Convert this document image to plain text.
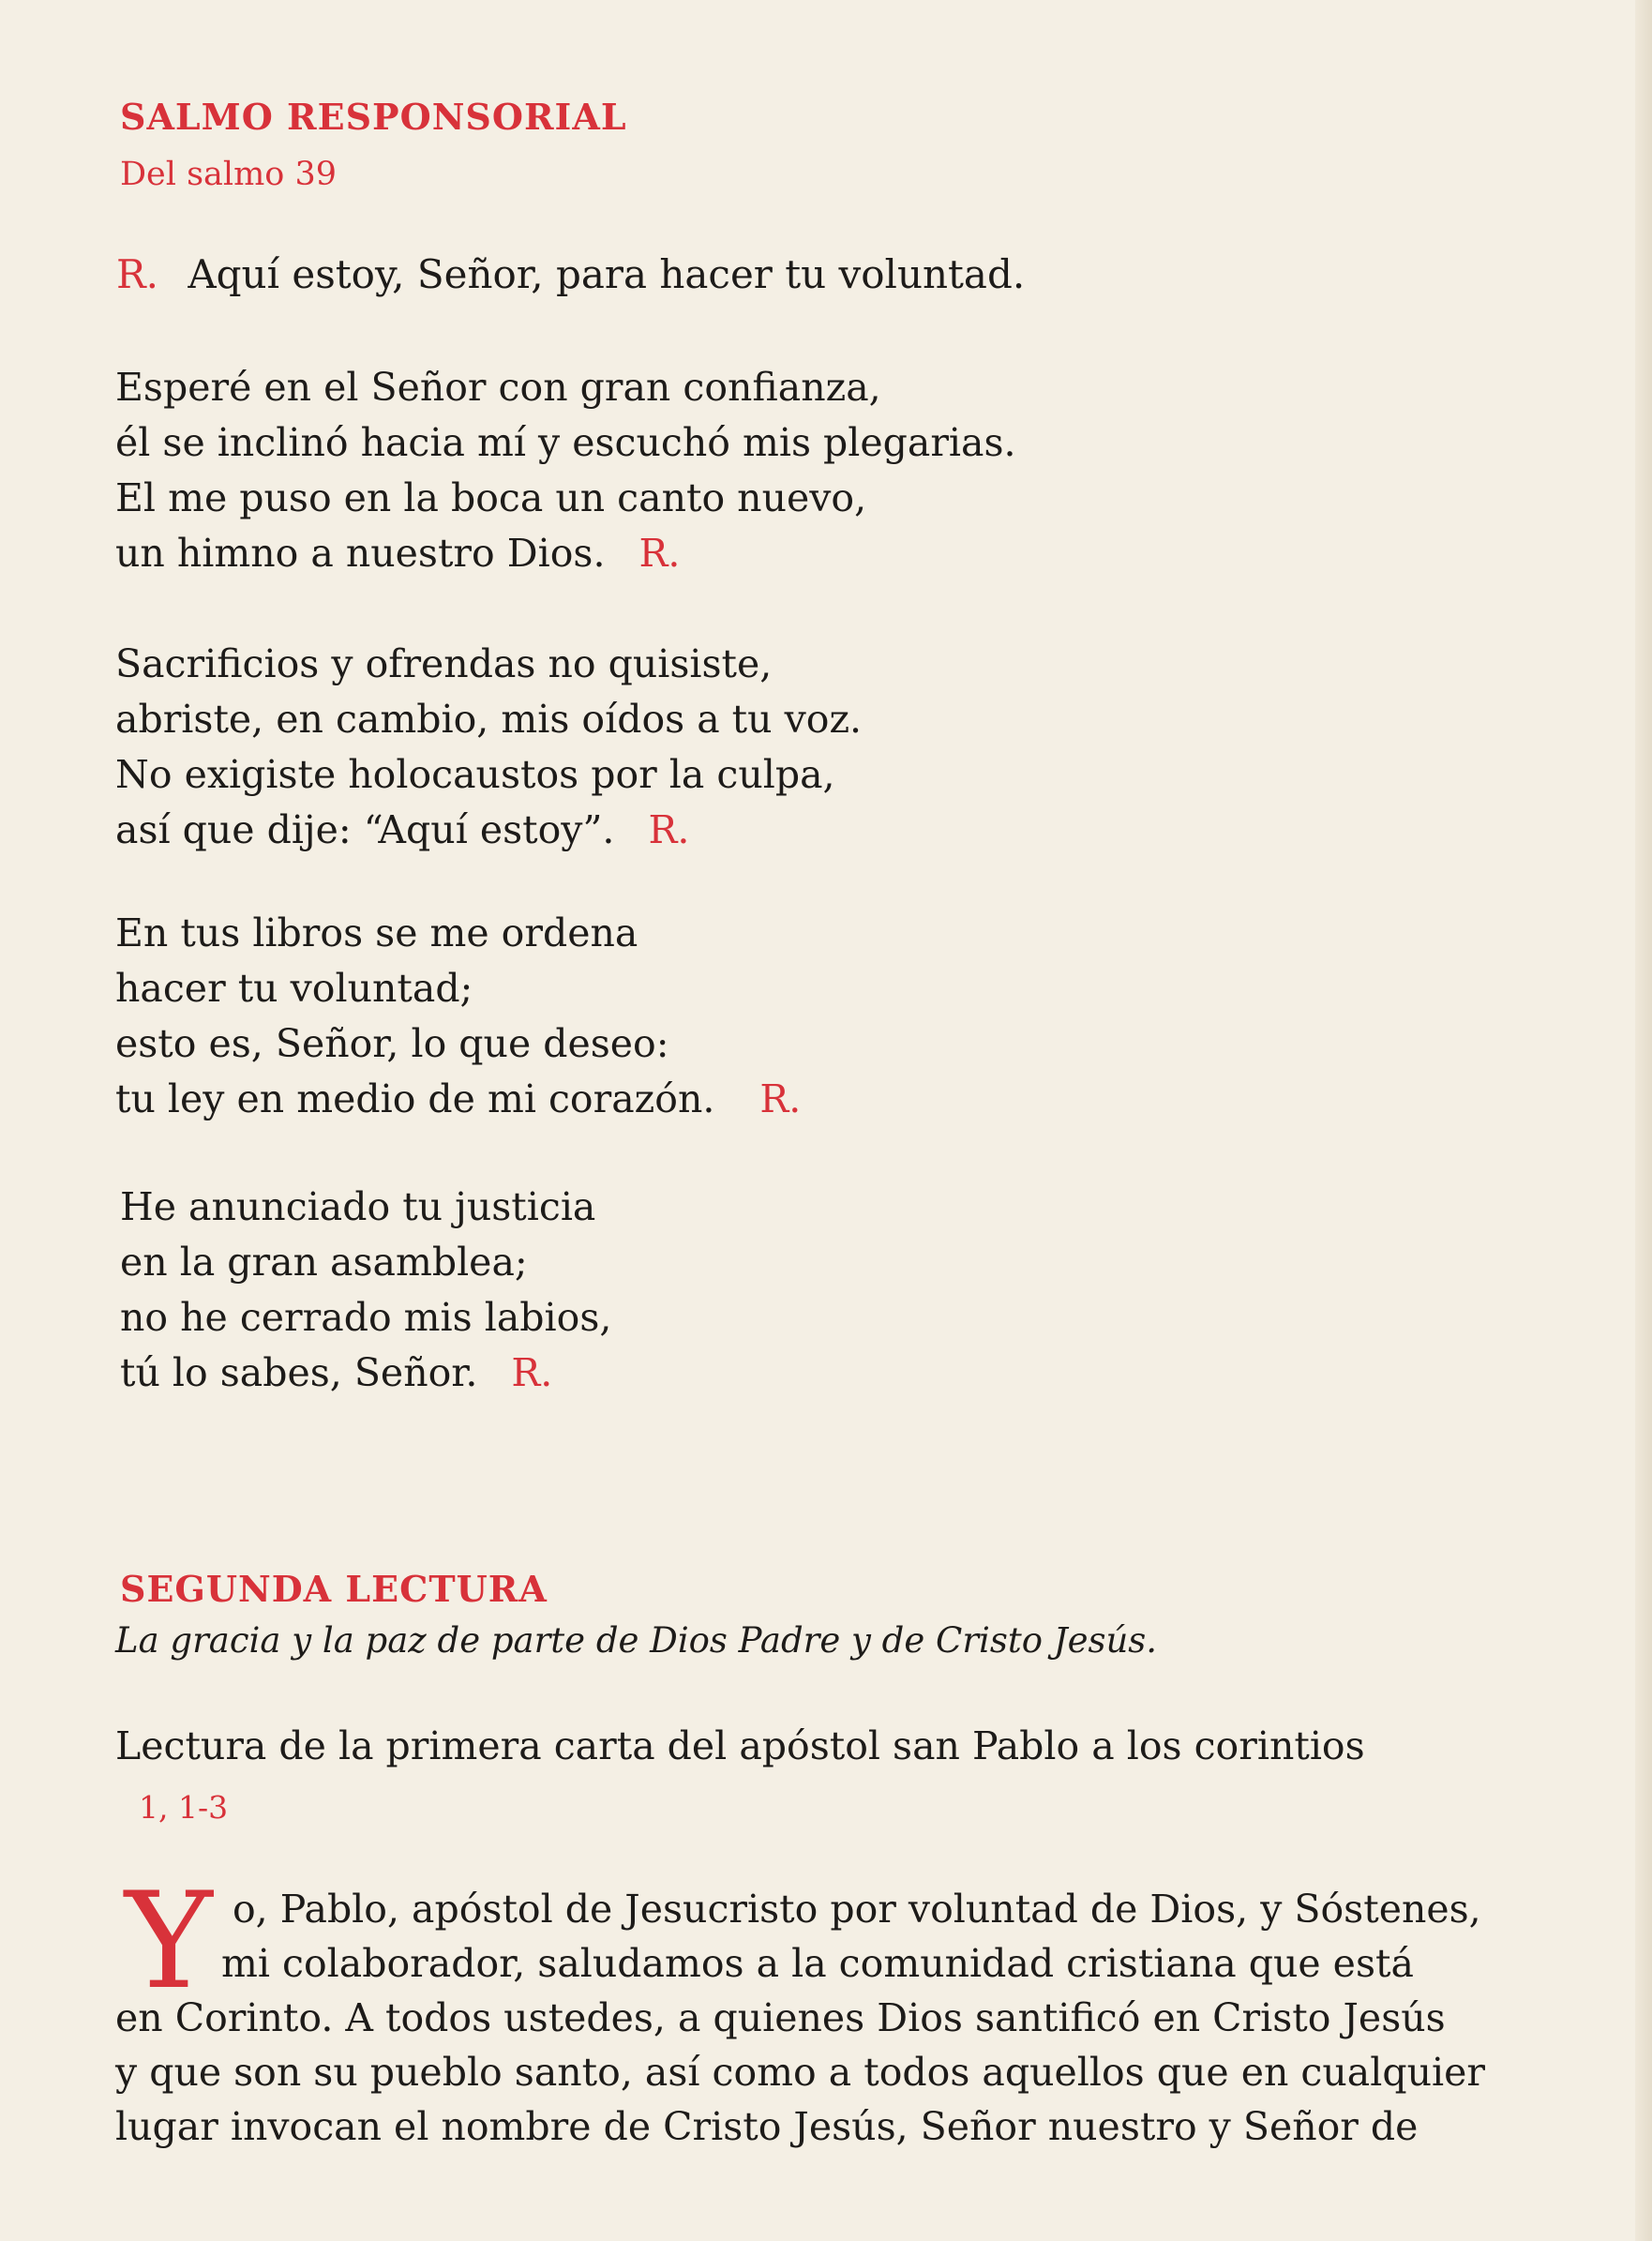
SALMO RESPONSORIAL
Del salmo 39
R. Aquí estoy, Señor, para hacer tu voluntad.
Esperé en el Señor con gran confianza,
él se inclinó hacia mí y escuchó mis plegarias.
El me puso en la boca un canto nuevo,
un himno a nuestro Dios. R.
Sacrificios y ofrendas no quisiste,
abriste, en cambio, mis oídos a tu voz.
No exigiste holocaustos por la culpa,
así que dije: “Aquí estoy”. R.
En tus libros se me ordena
hacer tu voluntad;
esto es, Señor, lo que deseo:
tu ley en medio de mi corazón. R.
He anunciado tu justicia
en la gran asamblea;
no he cerrado mis labios,
tú lo sabes, Señor. R.
SEGUNDA LECTURA
La gracia y la paz de parte de Dios Padre y de Cristo Jesús.
Lectura de la primera carta del apóstol san Pablo a los corintios
1, 1-3
Y o, Pablo, apóstol de Jesucristo por voluntad de Dios, y Sóstenes,
mi colaborador, saludamos a la comunidad cristiana que está
en Corinto. A todos ustedes, a quienes Dios santificó en Cristo Jesús
y que son su pueblo santo, así como a todos aquellos que en cualquier
lugar invocan el nombre de Cristo Jesús, Señor nuestro y Señor de
